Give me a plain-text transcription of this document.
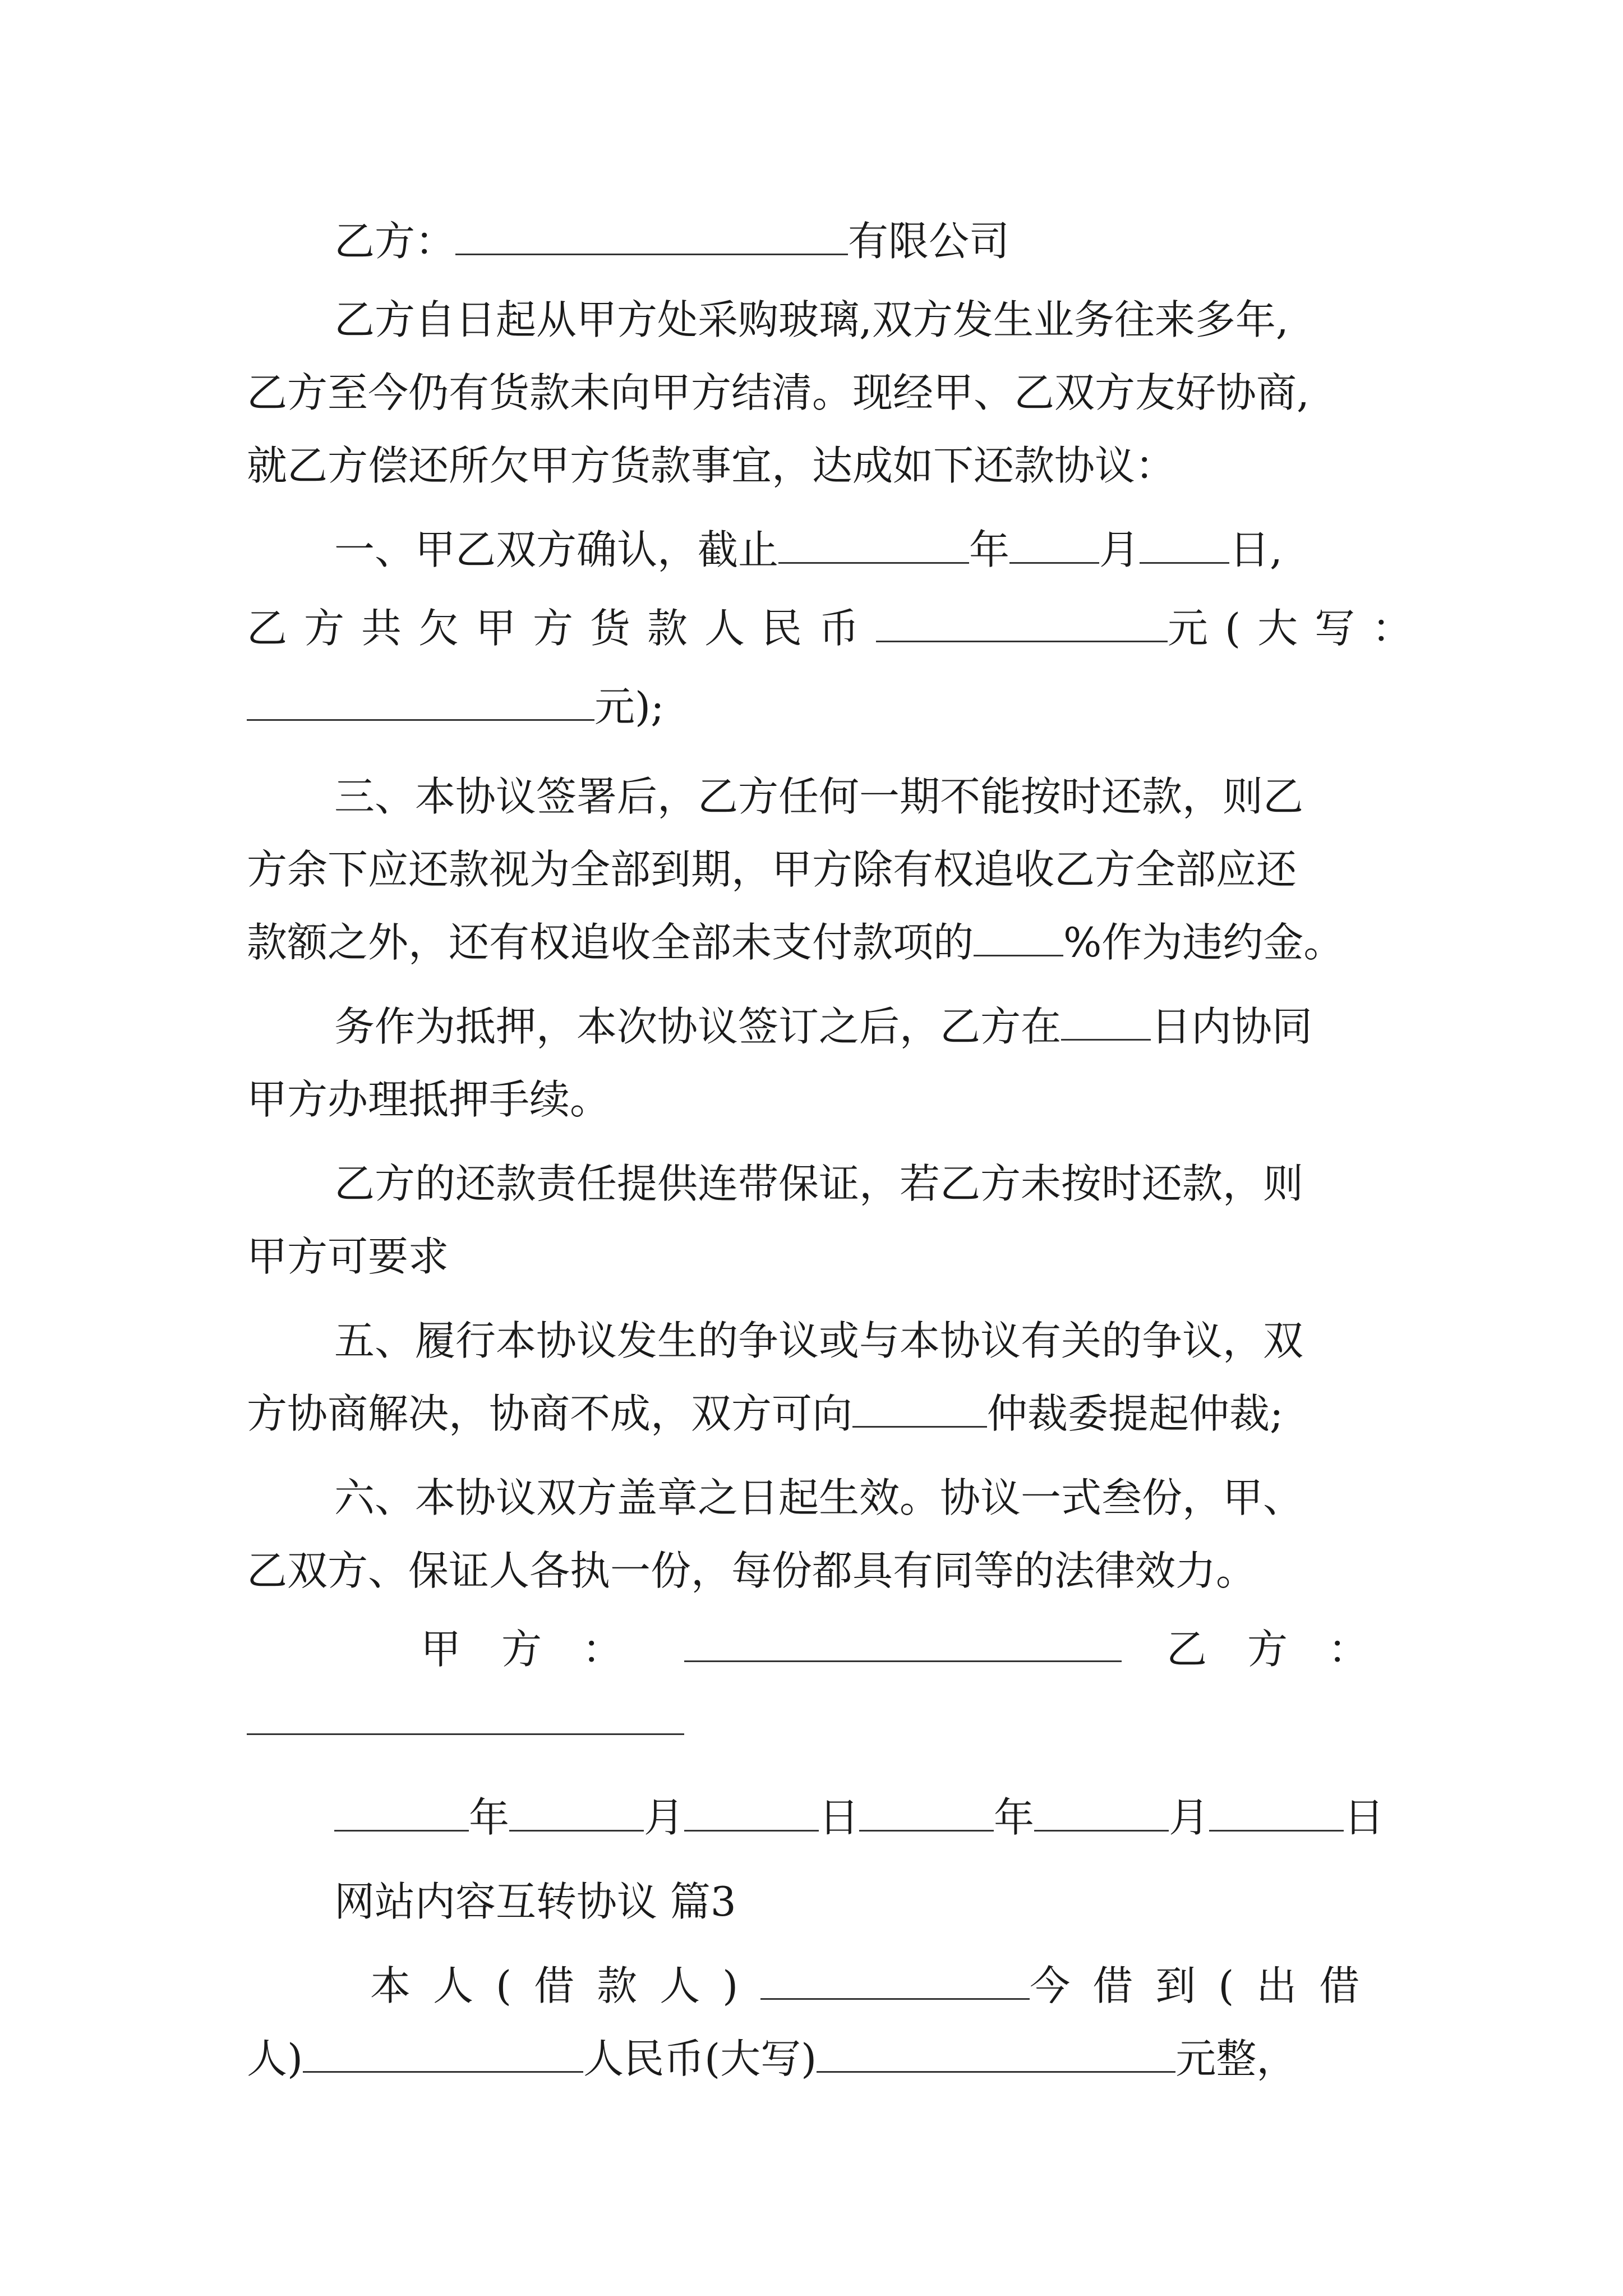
乙方：	有限公司
乙方自日起从甲方处采购玻璃,双方发生业务往来多年,
乙方至今仍有货款未向甲方结清。现经甲、乙双方友好协商,
就乙方偿还所欠甲方货款事宜，达成如下还款协议：
一、甲乙双方确认，截止	年 月 日,
乙方共欠甲方货款人民币	元(大写：
元);
三、本协议签署后，乙方任何一期不能按时还款，则乙
方余下应还款视为全部到期，甲方除有权追收乙方全部应还
款额之外，还有权追收全部未支付款项的 %作为违约金。
务作为抵押，本次协议签订之后，乙方在 日内协同
甲方办理抵押手续。
乙方的还款责任提供连带保证，若乙方未按时还款，则
甲方可要求
五、履行本协议发生的争议或与本协议有关的争议，双
方协商解决，协商不成，双方可向	仲裁委提起仲裁;
六、本协议双方盖章之日起生效。协议一式叁份，甲、
乙双方、保证人各执一份，每份都具有同等的法律效力。
甲　方　：	乙　方　：
年	月	日	年	月	日
网站内容互转协议 篇3
本人(借款人)	今借到(出借
人)	人民币(大写)	元整，
